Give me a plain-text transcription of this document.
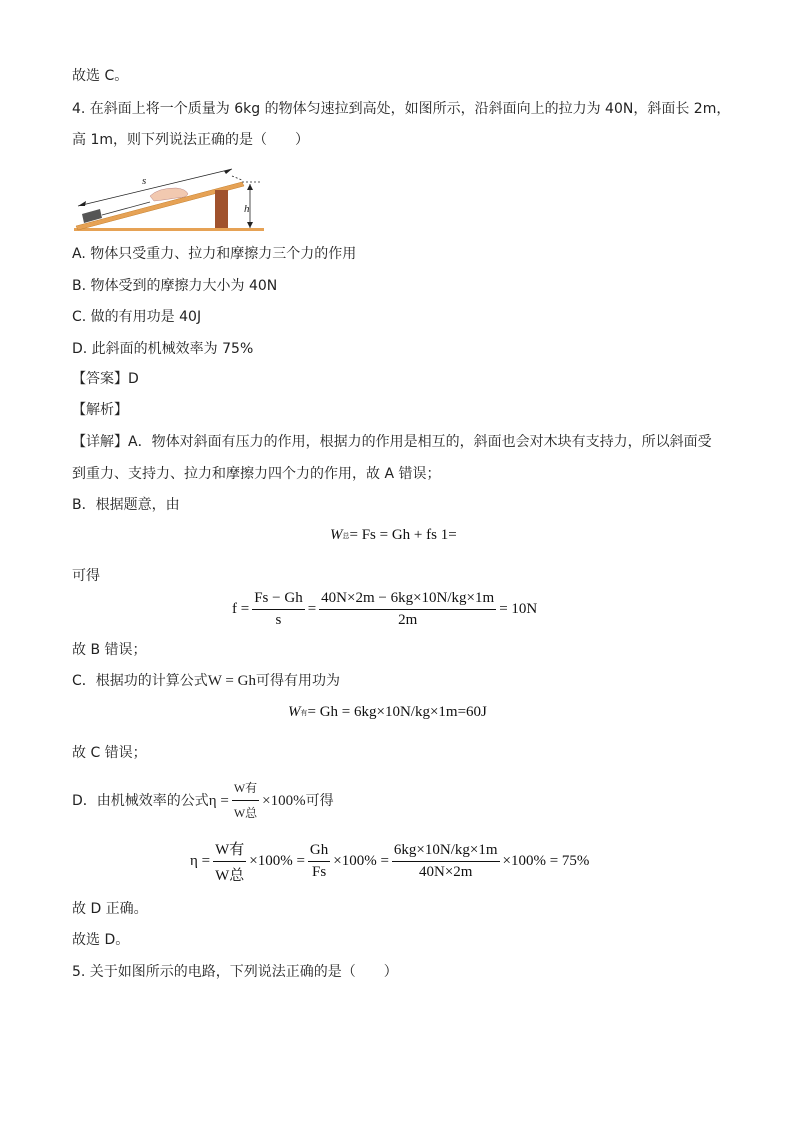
故选 C。
4. 在斜面上将一个质量为 6kg 的物体匀速拉到高处，如图所示，沿斜面向上的拉力为 40N，斜面长 2m，
高 1m，则下列说法正确的是（　　）
s
h
A. 物体只受重力、拉力和摩擦力三个力的作用
B. 物体受到的摩擦力大小为 40N
C. 做的有用功是 40J
D. 此斜面的机械效率为 75%
【答案】D
【解析】
【详解】A．物体对斜面有压力的作用，根据力的作用是相互的，斜面也会对木块有支持力，所以斜面受
到重力、支持力、拉力和摩擦力四个力的作用，故 A 错误；
B．根据题意，由
W 总 = Fs = Gh + fs 1=
可得
$f = \frac{Fs - Gh}{s} = \frac{40N\times 2m - 6kg\times 10N/kg\times 1m}{2m} = 10N$
故 B 错误；
C．根据功的计算公式W = Gh可得有用功为
W 有 = Gh = 6kg×10N/kg×1m=60J
故 C 错误；
D．由机械效率的公式 $\eta = \frac{\text{W有}}{\text{W总}} \times 100\%$ 可得
$\eta = \frac{\text{W有}}{\text{W总}} \times 100\% = \frac{Gh}{Fs} \times 100\% = \frac{6kg\times 10N/kg\times 1m}{40N\times 2m} \times 100\% = 75\%$
故 D 正确。
故选 D。
5. 关于如图所示的电路，下列说法正确的是（　　）
